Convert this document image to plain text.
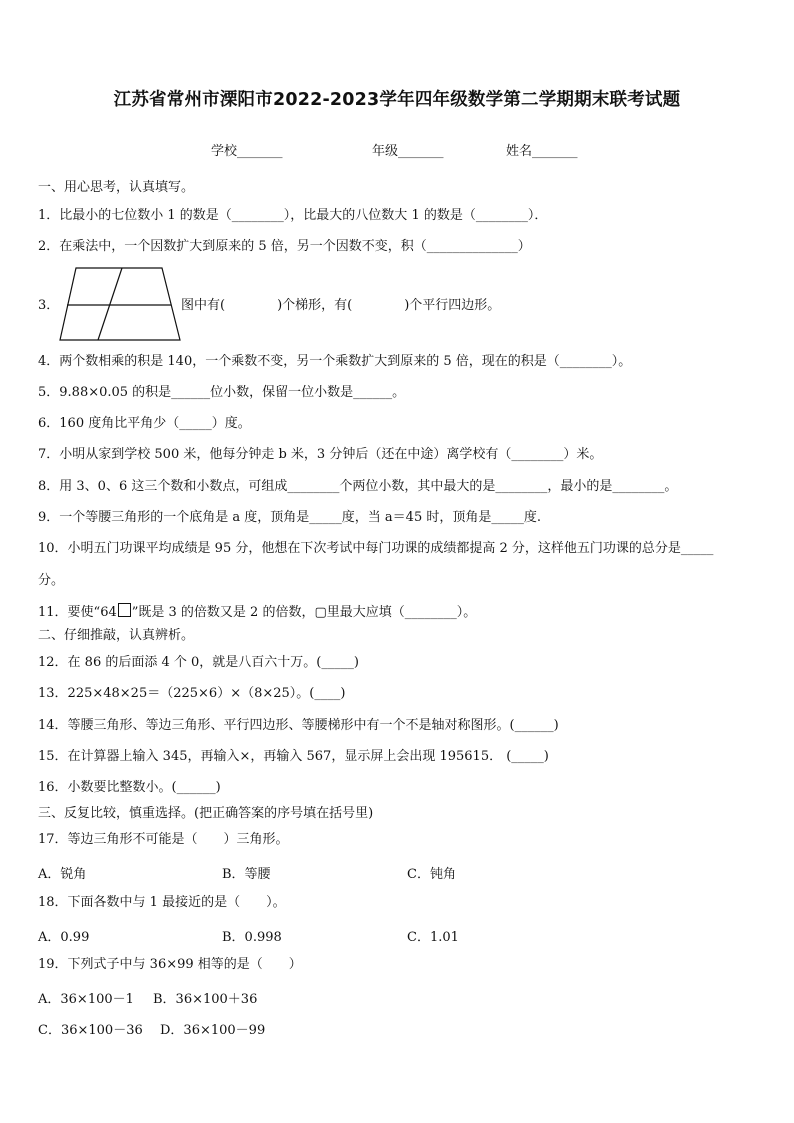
江苏省常州市溧阳市2022-2023学年四年级数学第二学期期末联考试题
学校_______	年级_______	姓名_______
一、用心思考，认真填写。
1．比最小的七位数小 1 的数是（________），比最大的八位数大 1 的数是（________）．
2．在乘法中，一个因数扩大到原来的 5 倍，另一个因数不变，积（______________）
3．	图中有(　　　　)个梯形，有(　　　　)个平行四边形。
4．两个数相乘的积是 140，一个乘数不变，另一个乘数扩大到原来的 5 倍，现在的积是（________）。
5．9.88×0.05 的积是______位小数，保留一位小数是______。
6．160 度角比平角少（_____）度。
7．小明从家到学校 500 米，他每分钟走 b 米，3 分钟后（还在中途）离学校有（________）米。
8．用 3、0、6 这三个数和小数点，可组成________个两位小数，其中最大的是________，最小的是________。
9．一个等腰三角形的一个底角是 a 度，顶角是_____度，当 a＝45 时，顶角是_____度.
10．小明五门功课平均成绩是 95 分，他想在下次考试中每门功课的成绩都提高 2 分，这样他五门功课的总分是_____
分。
11．要使“64 ”既是 3 的倍数又是 2 的倍数，▢里最大应填（________）。
二、仔细推敲，认真辨析。
12．在 86 的后面添 4 个 0，就是八百六十万。(_____)
13．225×48×25＝（225×6）×（8×25）。(____)
14．等腰三角形、等边三角形、平行四边形、等腰梯形中有一个不是轴对称图形。(______)
15．在计算器上输入 345，再输入×，再输入 567，显示屏上会出现 195615． (_____)
16．小数要比整数小。(______)
三、反复比较，慎重选择。(把正确答案的序号填在括号里)
17．等边三角形不可能是（　　）三角形。
A．锐角	B．等腰	C．钝角
18．下面各数中与 1 最接近的是（　　）。
A．0.99	B．0.998	C．1.01
19．下列式子中与 36×99 相等的是（　　）
A．36×100－1 B．36×100＋36
C．36×100－36 D．36×100－99
